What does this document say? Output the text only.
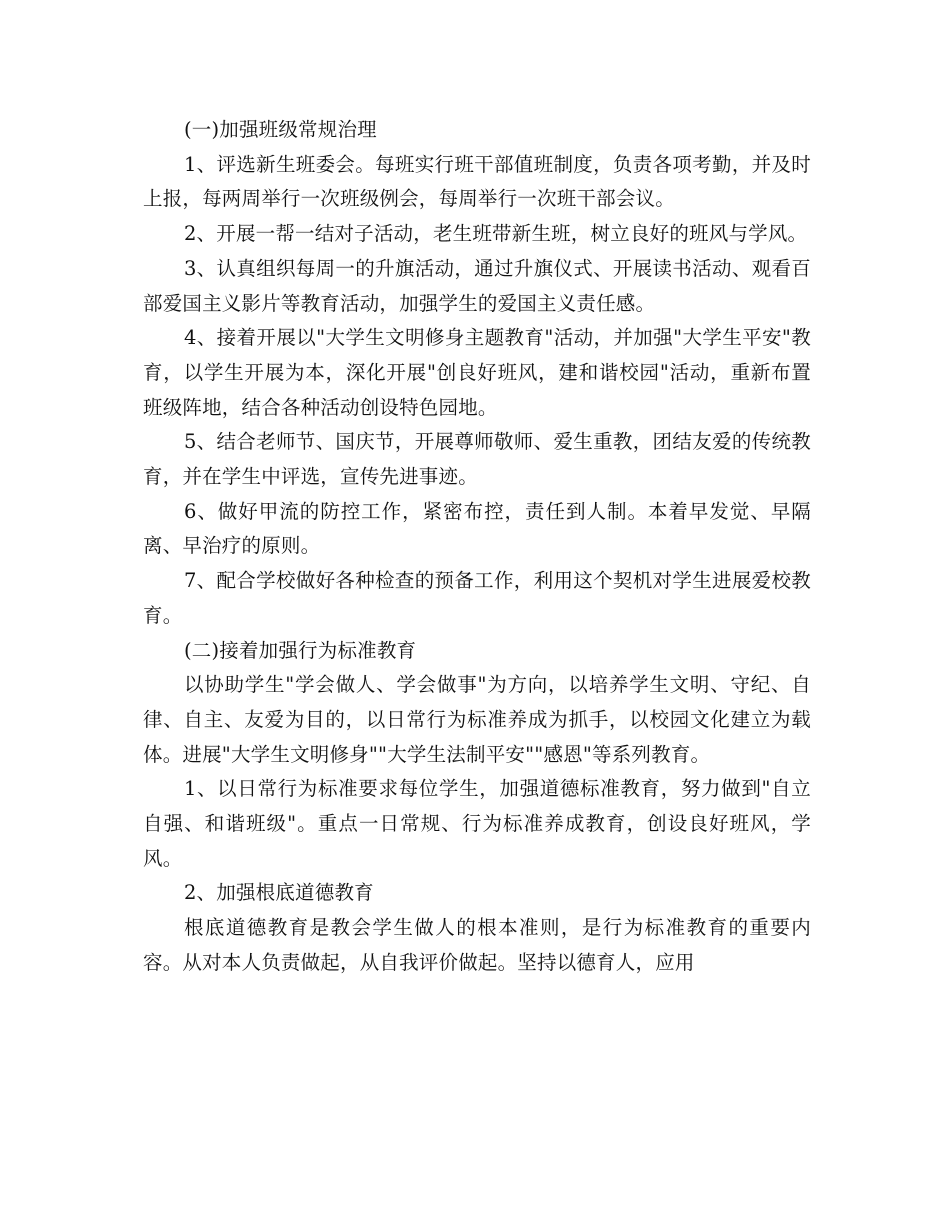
(一)加强班级常规治理

1、评选新生班委会。每班实行班干部值班制度，负责各项考勤，并及时上报，每两周举行一次班级例会，每周举行一次班干部会议。

2、开展一帮一结对子活动，老生班带新生班，树立良好的班风与学风。

3、认真组织每周一的升旗活动，通过升旗仪式、开展读书活动、观看百部爱国主义影片等教育活动，加强学生的爱国主义责任感。

4、接着开展以"大学生文明修身主题教育"活动，并加强"大学生平安"教育，以学生开展为本，深化开展"创良好班风，建和谐校园"活动，重新布置班级阵地，结合各种活动创设特色园地。

5、结合老师节、国庆节，开展尊师敬师、爱生重教，团结友爱的传统教育，并在学生中评选，宣传先进事迹。

6、做好甲流的防控工作，紧密布控，责任到人制。本着早发觉、早隔离、早治疗的原则。

7、配合学校做好各种检查的预备工作，利用这个契机对学生进展爱校教育。

(二)接着加强行为标准教育

以协助学生"学会做人、学会做事"为方向，以培养学生文明、守纪、自律、自主、友爱为目的，以日常行为标准养成为抓手，以校园文化建立为载体。进展"大学生文明修身""大学生法制平安""感恩"等系列教育。

1、以日常行为标准要求每位学生，加强道德标准教育，努力做到"自立自强、和谐班级"。重点一日常规、行为标准养成教育，创设良好班风，学风。

2、加强根底道德教育

根底道德教育是教会学生做人的根本准则，是行为标准教育的重要内容。从对本人负责做起，从自我评价做起。坚持以德育人，应用
